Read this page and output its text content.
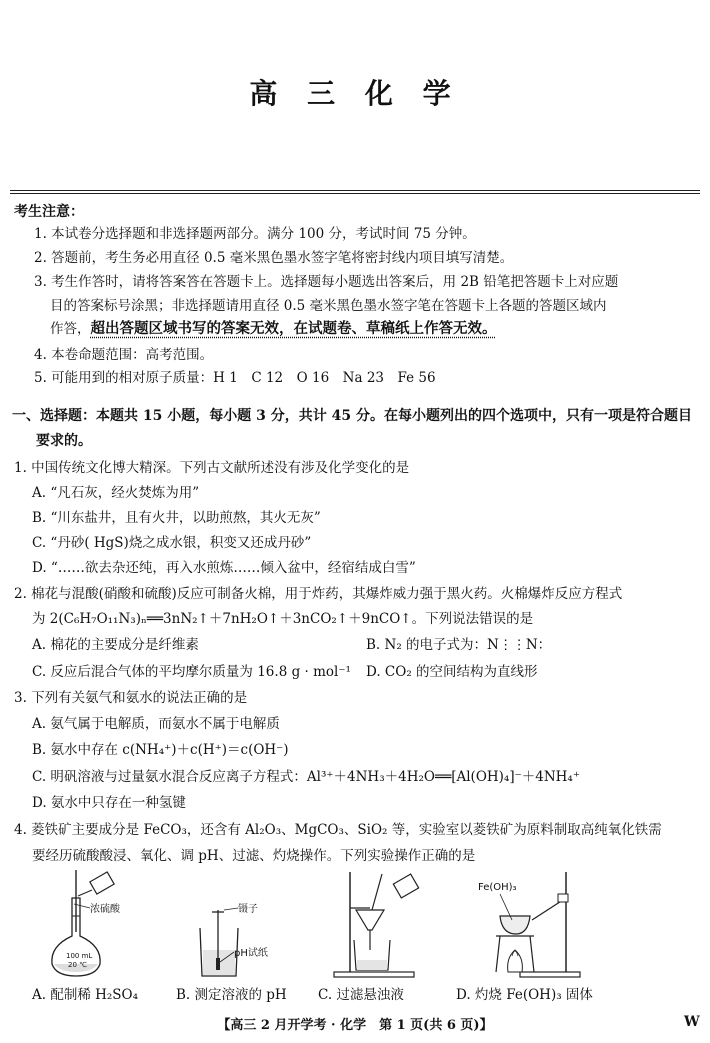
高 三 化 学
考生注意：
1. 本试卷分选择题和非选择题两部分。满分 100 分，考试时间 75 分钟。
2. 答题前，考生务必用直径 0.5 毫米黑色墨水签字笔将密封线内项目填写清楚。
3. 考生作答时，请将答案答在答题卡上。选择题每小题选出答案后，用 2B 铅笔把答题卡上对应题
目的答案标号涂黑；非选择题请用直径 0.5 毫米黑色墨水签字笔在答题卡上各题的答题区域内
作答，超出答题区域书写的答案无效，在试题卷、草稿纸上作答无效。
4. 本卷命题范围：高考范围。
5. 可能用到的相对原子质量：H 1　C 12　O 16　Na 23　Fe 56
一、选择题：本题共 15 小题，每小题 3 分，共计 45 分。在每小题列出的四个选项中，只有一项是符合题目
要求的。
1. 中国传统文化博大精深。下列古文献所述没有涉及化学变化的是
A. “凡石灰，经火焚炼为用”
B. “川东盐井，且有火井，以助煎熬，其火无灰”
C. “丹砂( HgS)烧之成水银，积变又还成丹砂”
D. “……欲去杂还纯，再入水煎炼……倾入盆中，经宿结成白雪”
2. 棉花与混酸(硝酸和硫酸)反应可制备火棉，用于炸药，其爆炸威力强于黑火药。火棉爆炸反应方程式
为 2(C₆H₇O₁₁N₃)ₙ══3nN₂↑＋7nH₂O↑＋3nCO₂↑＋9nCO↑。下列说法错误的是
A. 棉花的主要成分是纤维素	B. N₂ 的电子式为：N⋮⋮N：
C. 反应后混合气体的平均摩尔质量为 16.8 g · mol⁻¹ D. CO₂ 的空间结构为直线形
3. 下列有关氨气和氨水的说法正确的是
A. 氨气属于电解质，而氨水不属于电解质
B. 氨水中存在 c(NH₄⁺)＋c(H⁺)＝c(OH⁻)
C. 明矾溶液与过量氨水混合反应离子方程式：Al³⁺＋4NH₃＋4H₂O══[Al(OH)₄]⁻＋4NH₄⁺
D. 氨水中只存在一种氢键
4. 菱铁矿主要成分是 FeCO₃，还含有 Al₂O₃、MgCO₃、SiO₂ 等，实验室以菱铁矿为原料制取高纯氧化铁需
要经历硫酸酸浸、氧化、调 pH、过滤、灼烧操作。下列实验操作正确的是
浓硫酸
100 mL
20 ℃
镊子
pH试纸
Fe(OH)₃
A. 配制稀 H₂SO₄	B. 测定溶液的 pH C. 过滤悬浊液	D. 灼烧 Fe(OH)₃ 固体
【高三 2 月开学考 · 化学　第 1 页(共 6 页)】	W
